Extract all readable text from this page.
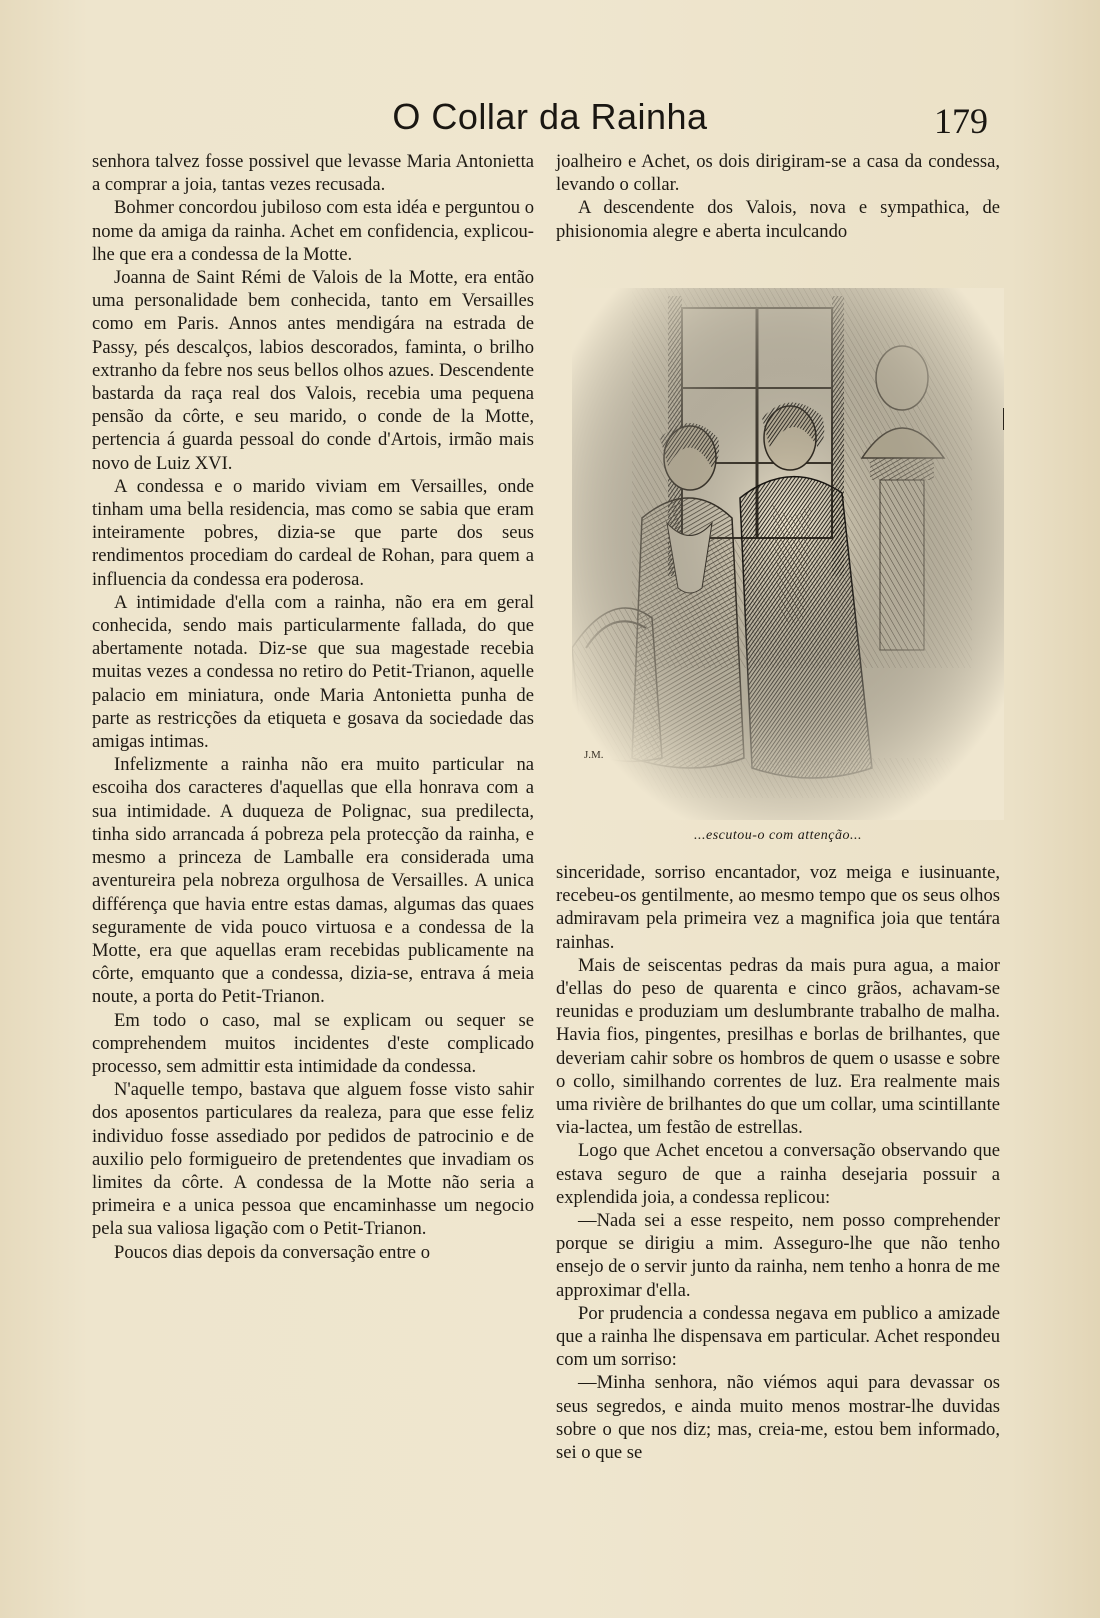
O Collar da Rainha	179

senhora talvez fosse possivel que levasse Maria Antonietta a comprar a joia, tantas vezes recusada.

Bohmer concordou jubiloso com esta idéa e perguntou o nome da amiga da rainha. Achet em confidencia, explicou-lhe que era a condessa de la Motte.

Joanna de Saint Rémi de Valois de la Motte, era então uma personalidade bem conhecida, tanto em Versailles como em Paris. Annos antes mendigára na estrada de Passy, pés descalços, labios descorados, faminta, o brilho extranho da febre nos seus bellos olhos azues. Descendente bastarda da raça real dos Valois, recebia uma pequena pensão da côrte, e seu marido, o conde de la Motte, pertencia á guarda pessoal do conde d'Artois, irmão mais novo de Luiz XVI.

A condessa e o marido viviam em Versailles, onde tinham uma bella residencia, mas como se sabia que eram inteiramente pobres, dizia-se que parte dos seus rendimentos procediam do cardeal de Rohan, para quem a influencia da condessa era poderosa.

A intimidade d'ella com a rainha, não era em geral conhecida, sendo mais particularmente fallada, do que abertamente notada. Diz-se que sua magestade recebia muitas vezes a condessa no retiro do Petit-Trianon, aquelle palacio em miniatura, onde Maria Antonietta punha de parte as restricções da etiqueta e gosava da sociedade das amigas intimas.

Infelizmente a rainha não era muito particular na escoiha dos caracteres d'aquellas que ella honrava com a sua intimidade. A duqueza de Polignac, sua predilecta, tinha sido arrancada á pobreza pela protecção da rainha, e mesmo a princeza de Lamballe era considerada uma aventureira pela nobreza orgulhosa de Versailles. A unica différença que havia entre estas damas, algumas das quaes seguramente de vida pouco virtuosa e a condessa de la Motte, era que aquellas eram recebidas publicamente na côrte, emquanto que a condessa, dizia-se, entrava á meia noute, a porta do Petit-Trianon.

Em todo o caso, mal se explicam ou sequer se comprehendem muitos incidentes d'este complicado processo, sem admittir esta intimidade da condessa.

N'aquelle tempo, bastava que alguem fosse visto sahir dos aposentos particulares da realeza, para que esse feliz individuo fosse assediado por pedidos de patrocinio e de auxilio pelo formigueiro de pretendentes que invadiam os limites da côrte. A condessa de la Motte não seria a primeira e a unica pessoa que encaminhasse um negocio pela sua valiosa ligação com o Petit-Trianon.

Poucos dias depois da conversação entre o

joalheiro e Achet, os dois dirigiram-se a casa da condessa, levando o collar.

A descendente dos Valois, nova e sympathica, de phisionomia alegre e aberta inculcando

J.M.
...escutou-o com attenção...

sinceridade, sorriso encantador, voz meiga e iusinuante, recebeu-os gentilmente, ao mesmo tempo que os seus olhos admiravam pela primeira vez a magnifica joia que tentára rainhas.

Mais de seiscentas pedras da mais pura agua, a maior d'ellas do peso de quarenta e cinco grãos, achavam-se reunidas e produziam um deslumbrante trabalho de malha. Havia fios, pingentes, presilhas e borlas de brilhantes, que deveriam cahir sobre os hombros de quem o usasse e sobre o collo, similhando correntes de luz. Era realmente mais uma rivière de brilhantes do que um collar, uma scintillante via-lactea, um festão de estrellas.

Logo que Achet encetou a conversação observando que estava seguro de que a rainha desejaria possuir a explendida joia, a condessa replicou:

—Nada sei a esse respeito, nem posso comprehender porque se dirigiu a mim. Asseguro-lhe que não tenho ensejo de o servir junto da rainha, nem tenho a honra de me approximar d'ella.

Por prudencia a condessa negava em publico a amizade que a rainha lhe dispensava em particular. Achet respondeu com um sorriso:

—Minha senhora, não viémos aqui para devassar os seus segredos, e ainda muito menos mostrar-lhe duvidas sobre o que nos diz; mas, creia-me, estou bem informado, sei o que se
